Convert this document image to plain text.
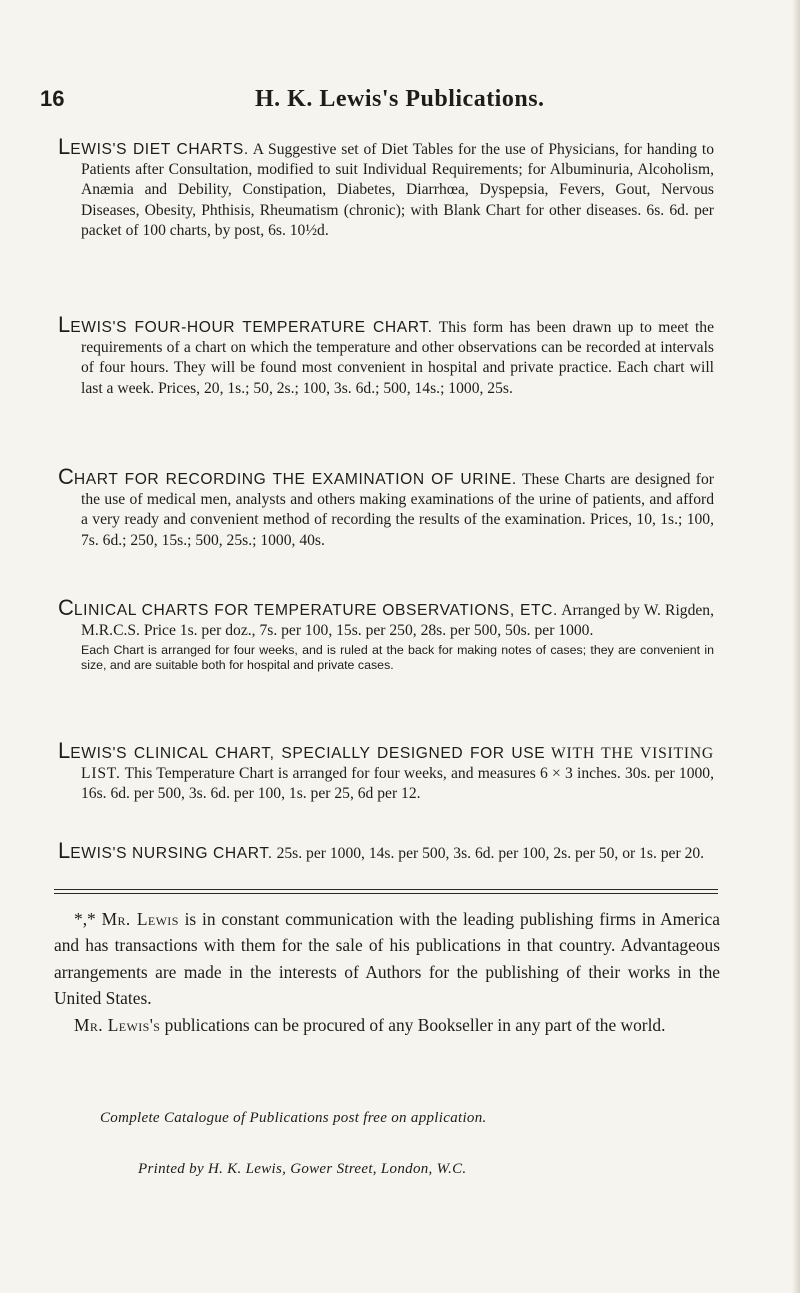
16	H. K. Lewis's Publications.

LEWIS'S DIET CHARTS. A Suggestive set of Diet Tables for the use of Physicians, for handing to Patients after Consultation, modified to suit Individual Requirements; for Albuminuria, Alcoholism, Anæmia and Debility, Constipation, Diabetes, Diarrhœa, Dyspepsia, Fevers, Gout, Nervous Diseases, Obesity, Phthisis, Rheumatism (chronic); with Blank Chart for other diseases. 6s. 6d. per packet of 100 charts, by post, 6s. 10½d.

LEWIS'S FOUR-HOUR TEMPERATURE CHART. This form has been drawn up to meet the requirements of a chart on which the temperature and other observations can be recorded at intervals of four hours. They will be found most convenient in hospital and private practice. Each chart will last a week. Prices, 20, 1s.; 50, 2s.; 100, 3s. 6d.; 500, 14s.; 1000, 25s.

CHART FOR RECORDING THE EXAMINATION OF URINE. These Charts are designed for the use of medical men, analysts and others making examinations of the urine of patients, and afford a very ready and convenient method of recording the results of the examination. Prices, 10, 1s.; 100, 7s. 6d.; 250, 15s.; 500, 25s.; 1000, 40s.

CLINICAL CHARTS FOR TEMPERATURE OBSERVATIONS, ETC. Arranged by W. Rigden, M.R.C.S. Price 1s. per doz., 7s. per 100, 15s. per 250, 28s. per 500, 50s. per 1000.

Each Chart is arranged for four weeks, and is ruled at the back for making notes of cases; they are convenient in size, and are suitable both for hospital and private cases.

LEWIS'S CLINICAL CHART, SPECIALLY DESIGNED FOR USE WITH THE VISITING LIST. This Temperature Chart is arranged for four weeks, and measures 6 × 3 inches. 30s. per 1000, 16s. 6d. per 500, 3s. 6d. per 100, 1s. per 25, 6d per 12.

LEWIS'S NURSING CHART. 25s. per 1000, 14s. per 500, 3s. 6d. per 100, 2s. per 50, or 1s. per 20.

*,* Mr. Lewis is in constant communication with the leading publishing firms in America and has transactions with them for the sale of his publications in that country. Advantageous arrangements are made in the interests of Authors for the publishing of their works in the United States.

Mr. Lewis's publications can be procured of any Bookseller in any part of the world.

Complete Catalogue of Publications post free on application.
Printed by H. K. Lewis, Gower Street, London, W.C.
